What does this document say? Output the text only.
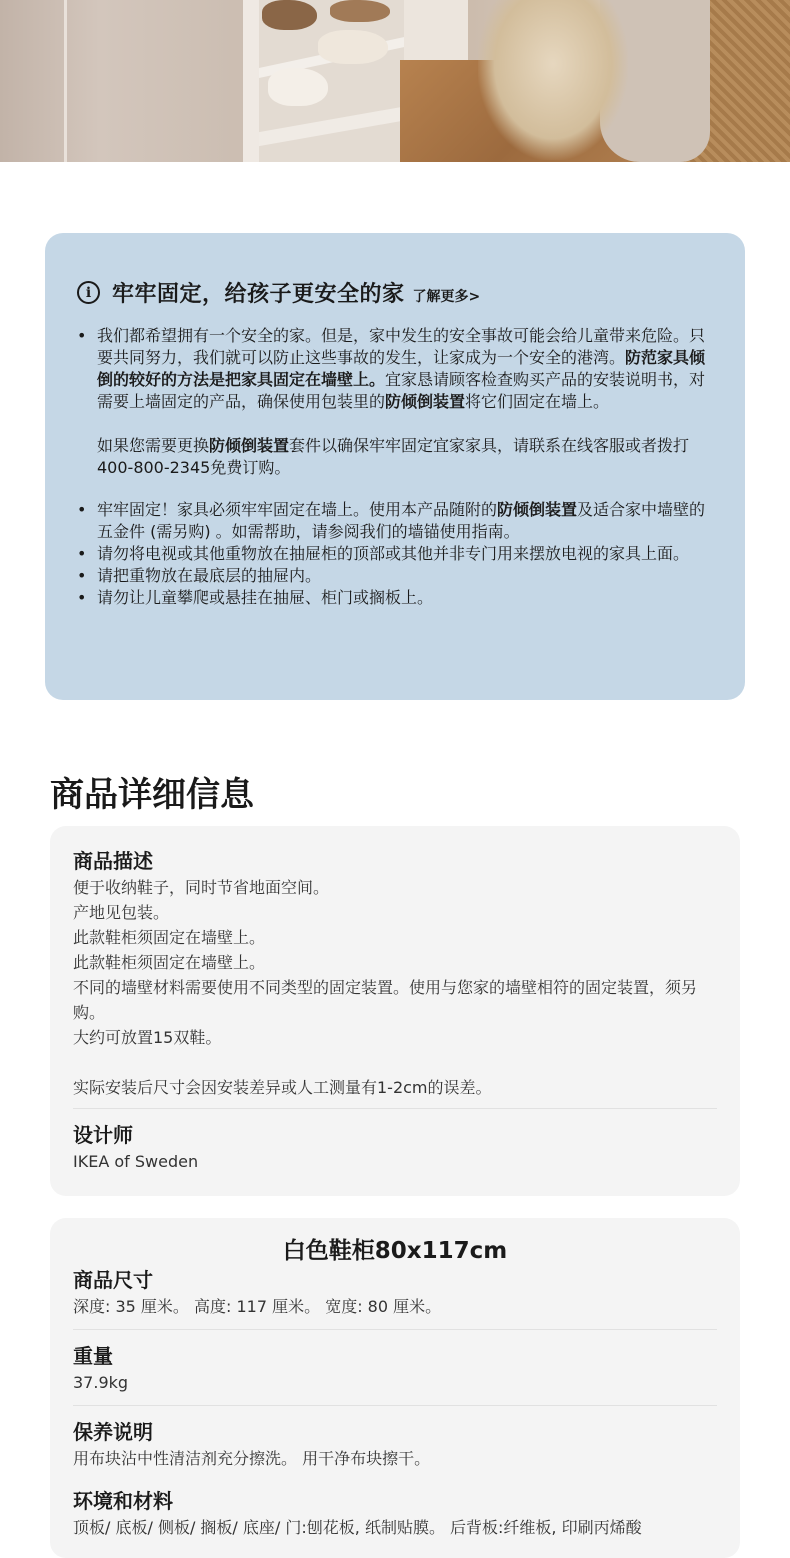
i 牢牢固定，给孩子更安全的家 了解更多>
• 我们都希望拥有一个安全的家。但是，家中发生的安全事故可能会给儿童带来危险。只要共同努力，我们就可以防止这些事故的发生，让家成为一个安全的港湾。防范家具倾倒的较好的方法是把家具固定在墙壁上。宜家恳请顾客检查购买产品的安装说明书，对需要上墙固定的产品，确保使用包装里的防倾倒装置将它们固定在墙上。
如果您需要更换防倾倒装置套件以确保牢牢固定宜家家具，请联系在线客服或者拨打400-800-2345免费订购。
• 牢牢固定！家具必须牢牢固定在墙上。使用本产品随附的防倾倒装置及适合家中墙壁的五金件 (需另购) 。如需帮助，请参阅我们的墙锚使用指南。
• 请勿将电视或其他重物放在抽屉柜的顶部或其他并非专门用来摆放电视的家具上面。
• 请把重物放在最底层的抽屉内。
• 请勿让儿童攀爬或悬挂在抽屉、柜门或搁板上。
商品详细信息
商品描述
便于收纳鞋子，同时节省地面空间。
产地见包装。
此款鞋柜须固定在墙壁上。
此款鞋柜须固定在墙壁上。
不同的墙壁材料需要使用不同类型的固定装置。使用与您家的墙壁相符的固定装置，须另购。
大约可放置15双鞋。
实际安装后尺寸会因安装差异或人工测量有1-2cm的误差。
设计师
IKEA of Sweden
白色鞋柜80x117cm
商品尺寸
深度: 35 厘米。 高度: 117 厘米。 宽度: 80 厘米。
重量
37.9kg
保养说明
用布块沾中性清洁剂充分擦洗。 用干净布块擦干。
环境和材料
顶板/ 底板/ 侧板/ 搁板/ 底座/ 门:刨花板, 纸制贴膜。 后背板:纤维板, 印刷丙烯酸
